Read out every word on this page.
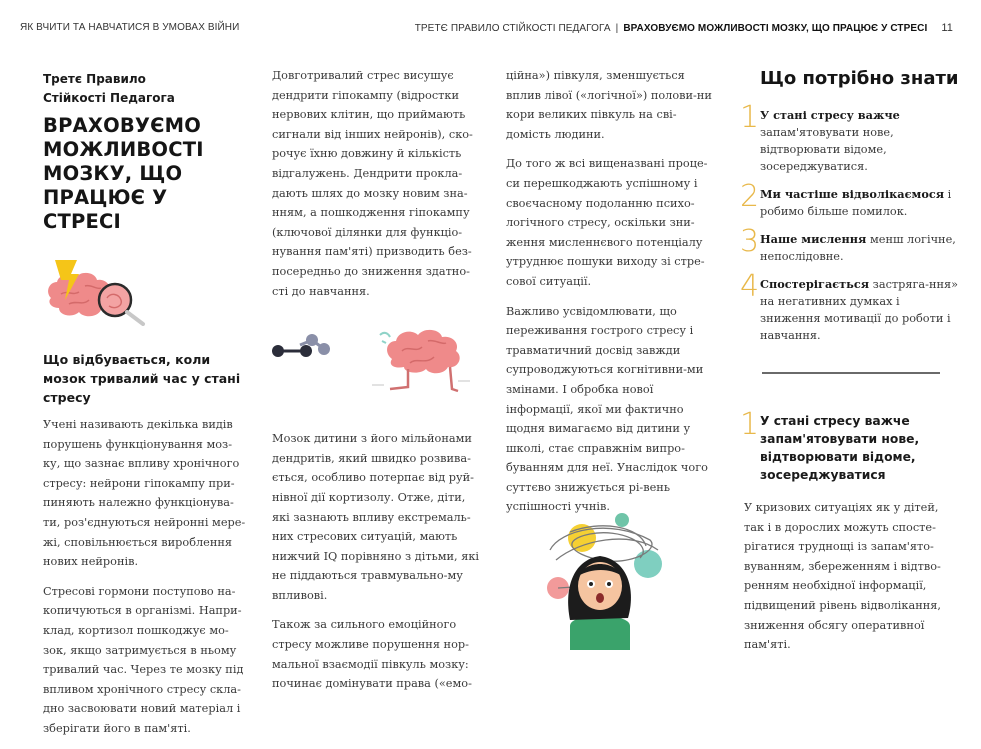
ЯК ВЧИТИ ТА НАВЧАТИСЯ В УМОВАХ ВІЙНИ	ТРЕТЄ ПРАВИЛО СТІЙКОСТІ ПЕДАГОГА | ВРАХОВУЄМО МОЖЛИВОСТІ МОЗКУ, ЩО ПРАЦЮЄ У СТРЕСІ 11
Третє Правило
Стійкості Педагога
ВРАХОВУЄМО
МОЖЛИВОСТІ
МОЗКУ, ЩО
ПРАЦЮЄ У СТРЕСІ
Що відбувається, коли мозок тривалий час у стані стресу

Учені називають декілька видів порушень функціонування моз-ку, що зазнає впливу хронічного стресу: нейрони гіпокампу при-пиняють належно функціонува-ти, роз'єднуються нейронні мере-жі, сповільнюється вироблення нових нейронів.

Стресові гормони поступово на-копичуються в організмі. Напри-клад, кортизол пошкоджує мо-зок, якщо затримується в ньому тривалий час. Через те мозку під впливом хронічного стресу скла-дно засвоювати новий матеріал і зберігати його в пам'яті.

Довготривалий стрес висушує дендрити гіпокампу (відростки нервових клітин, що приймають сигнали від інших нейронів), ско-рочує їхню довжину й кількість відгалужень. Дендрити прокла-дають шлях до мозку новим зна-нням, а пошкодження гіпокампу (ключової ділянки для функціо-нування пам'яті) призводить без-посередньо до зниження здатно-сті до навчання.

Мозок дитини з його мільйонами дендритів, який швидко розвива-ється, особливо потерпає від руй-нівної дії кортизолу. Отже, діти, які зазнають впливу екстремаль-них стресових ситуацій, мають нижчий IQ порівняно з дітьми, які не піддаються травмувально-му впливові.

Також за сильного емоційного стресу можливе порушення нор-мальної взаємодії півкуль мозку: починає домінувати права («емо-

ційна») півкуля, зменшується вплив лівої («логічної») полови-ни кори великих півкуль на сві-домість людини.

До того ж всі вищеназвані проце-си перешкоджають успішному і своєчасному подоланню психо-логічного стресу, оскільки зни-ження мисленнєвого потенціалу утруднює пошуки виходу зі стре-сової ситуації.

Важливо усвідомлювати, що переживання гострого стресу і травматичний досвід завжди супроводжуються когнітивни-ми змінами. І обробка нової інформації, якої ми фактично щодня вимагаємо від дитини у школі, стає справжнім випро-буванням для неї. Унаслідок чого суттєво знижується рі-вень успішності учнів.

Що потрібно знати
1 У стані стресу важче запам'ятовувати нове, відтворювати відоме, зосереджуватися.
2 Ми частіше відволікаємося і робимо більше помилок.
3 Наше мислення менш логічне, непослідовне.
4 Спостерігається застряга-ння» на негативних думках і зниження мотивації до роботи і навчання.
1 У стані стресу важче запам'ятовувати нове, відтворювати відоме, зосереджуватися
У кризових ситуаціях як у дітей, так і в дорослих можуть спосте-рігатися труднощі із запам'ято-вуванням, збереженням і відтво-ренням необхідної інформації, підвищений рівень відволікання, зниження обсягу оперативної пам'яті.
